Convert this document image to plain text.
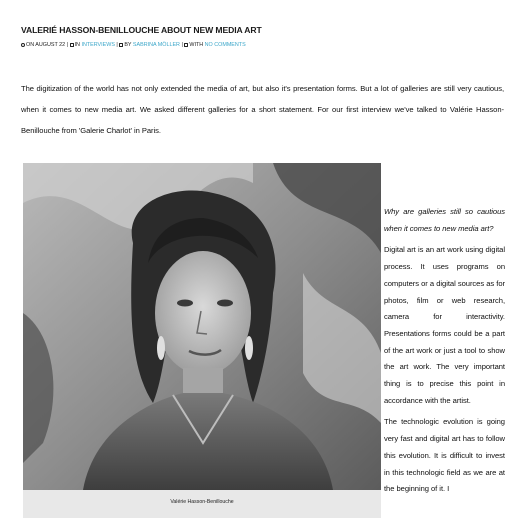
VALERIÉ HASSON-BENILLOUCHE ABOUT NEW MEDIA ART
ON AUGUST 22 | IN INTERVIEWS | BY SABRINA MÖLLER | WITH NO COMMENTS

The digitization of the world has not only extended the media of art, but also it's presentation forms. But a lot of galleries are still very cautious, when it comes to new media art. We asked different galleries for a short statement. For our first interview we've talked to Valérie Hasson-Benillouche from 'Galerie Charlot' in Paris.

Valérie Hasson-Benillouche

Why are galleries still so cautious when it comes to new media art?

Digital art is an art work using digital process. It uses programs on computers or a digital sources as for photos, film or web research, camera for interactivity. Presentations forms could be a part of the art work or just a tool to show the art work. The very important thing is to precise this point in accordance with the artist.

The technologic evolution is going very fast and digital art has to follow this evolution. It is difficult to invest in this technologic field as we are at the beginning of it. I
